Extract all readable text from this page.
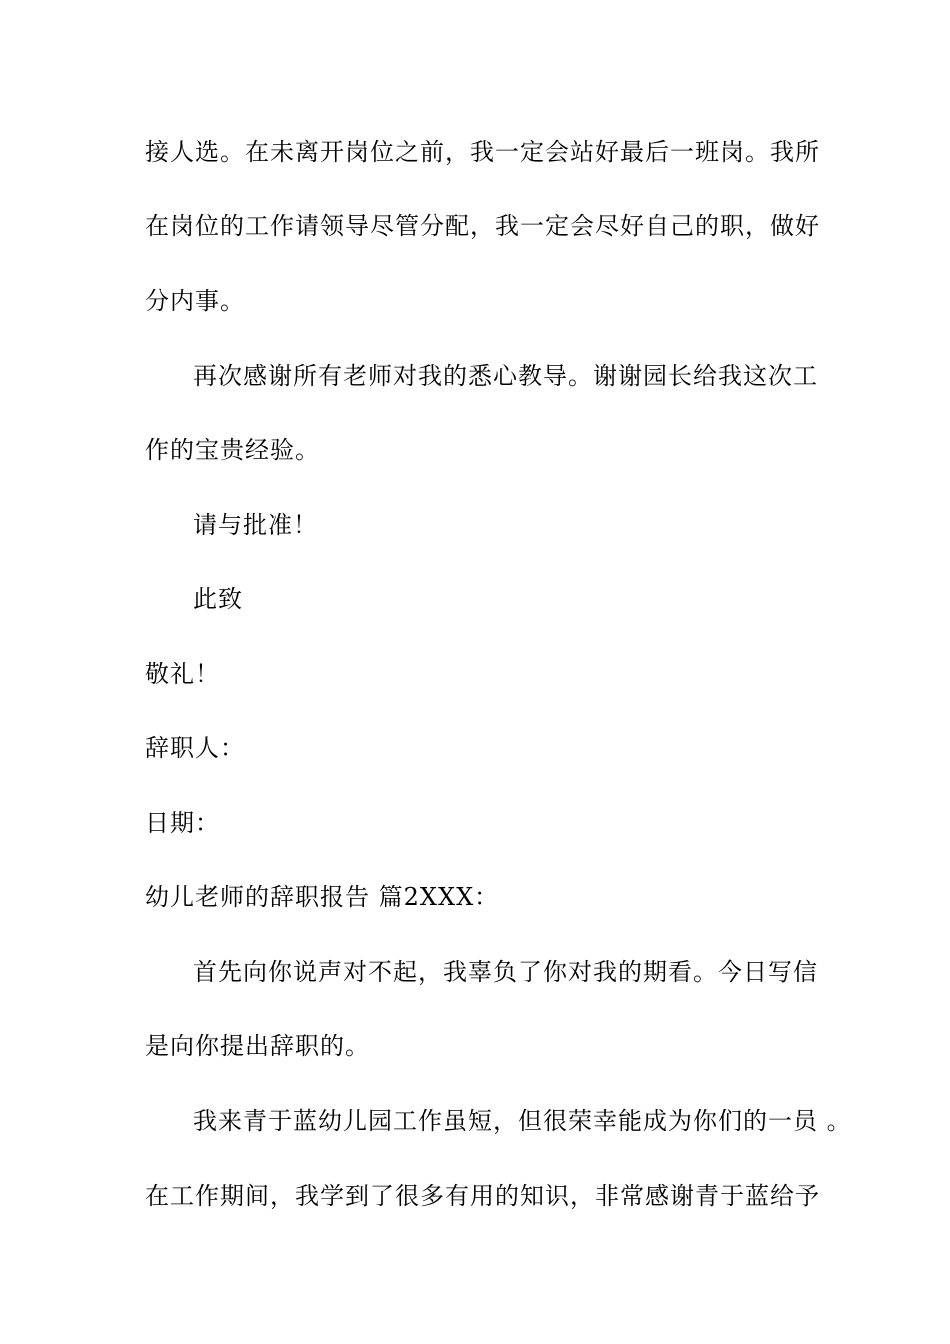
接人选。在未离开岗位之前，我一定会站好最后一班岗。我所
在岗位的工作请领导尽管分配，我一定会尽好自己的职，做好
分内事。
再次感谢所有老师对我的悉心教导。谢谢园长给我这次工
作的宝贵经验。
请与批准！
此致
敬礼！
辞职人：
日期：
幼儿老师的辞职报告 篇2XXX：
首先向你说声对不起，我辜负了你对我的期看。今日写信
是向你提出辞职的。
我来青于蓝幼儿园工作虽短，但很荣幸能成为你们的一员 。
在工作期间，我学到了很多有用的知识，非常感谢青于蓝给予
